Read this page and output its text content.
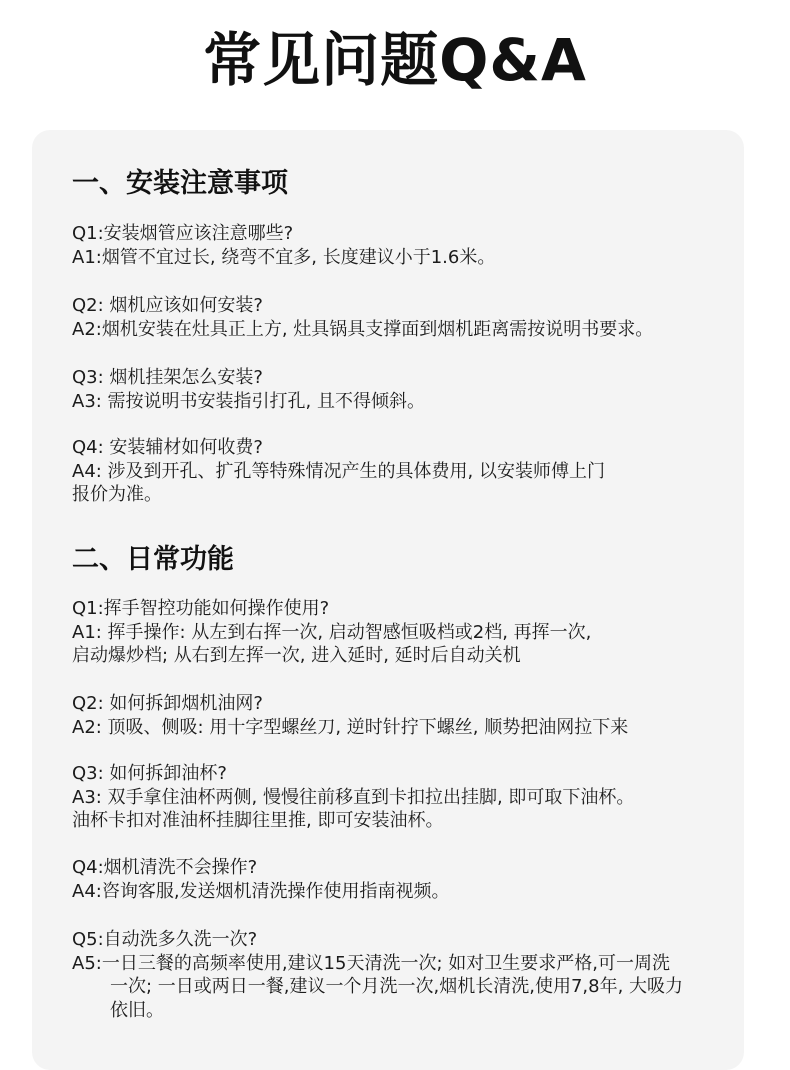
常见问题Q&A
一、安装注意事项
Q1:安装烟管应该注意哪些?
A1:烟管不宜过长, 绕弯不宜多, 长度建议小于1.6米。
Q2: 烟机应该如何安装?
A2:烟机安装在灶具正上方, 灶具锅具支撑面到烟机距离需按说明书要求。
Q3: 烟机挂架怎么安装?
A3: 需按说明书安装指引打孔, 且不得倾斜。
Q4: 安装辅材如何收费?
A4: 涉及到开孔、扩孔等特殊情况产生的具体费用, 以安装师傅上门
报价为准。
二、日常功能
Q1:挥手智控功能如何操作使用?
A1: 挥手操作: 从左到右挥一次, 启动智感恒吸档或2档, 再挥一次,
启动爆炒档; 从右到左挥一次, 进入延时, 延时后自动关机
Q2: 如何拆卸烟机油网?
A2: 顶吸、侧吸: 用十字型螺丝刀, 逆时针拧下螺丝, 顺势把油网拉下来
Q3: 如何拆卸油杯?
A3: 双手拿住油杯两侧, 慢慢往前移直到卡扣拉出挂脚, 即可取下油杯。
油杯卡扣对准油杯挂脚往里推, 即可安装油杯。
Q4:烟机清洗不会操作?
A4:咨询客服,发送烟机清洗操作使用指南视频。
Q5:自动洗多久洗一次?
A5:一日三餐的高频率使用,建议15天清洗一次; 如对卫生要求严格,可一周洗
一次; 一日或两日一餐,建议一个月洗一次,烟机长清洗,使用7,8年, 大吸力
依旧。
